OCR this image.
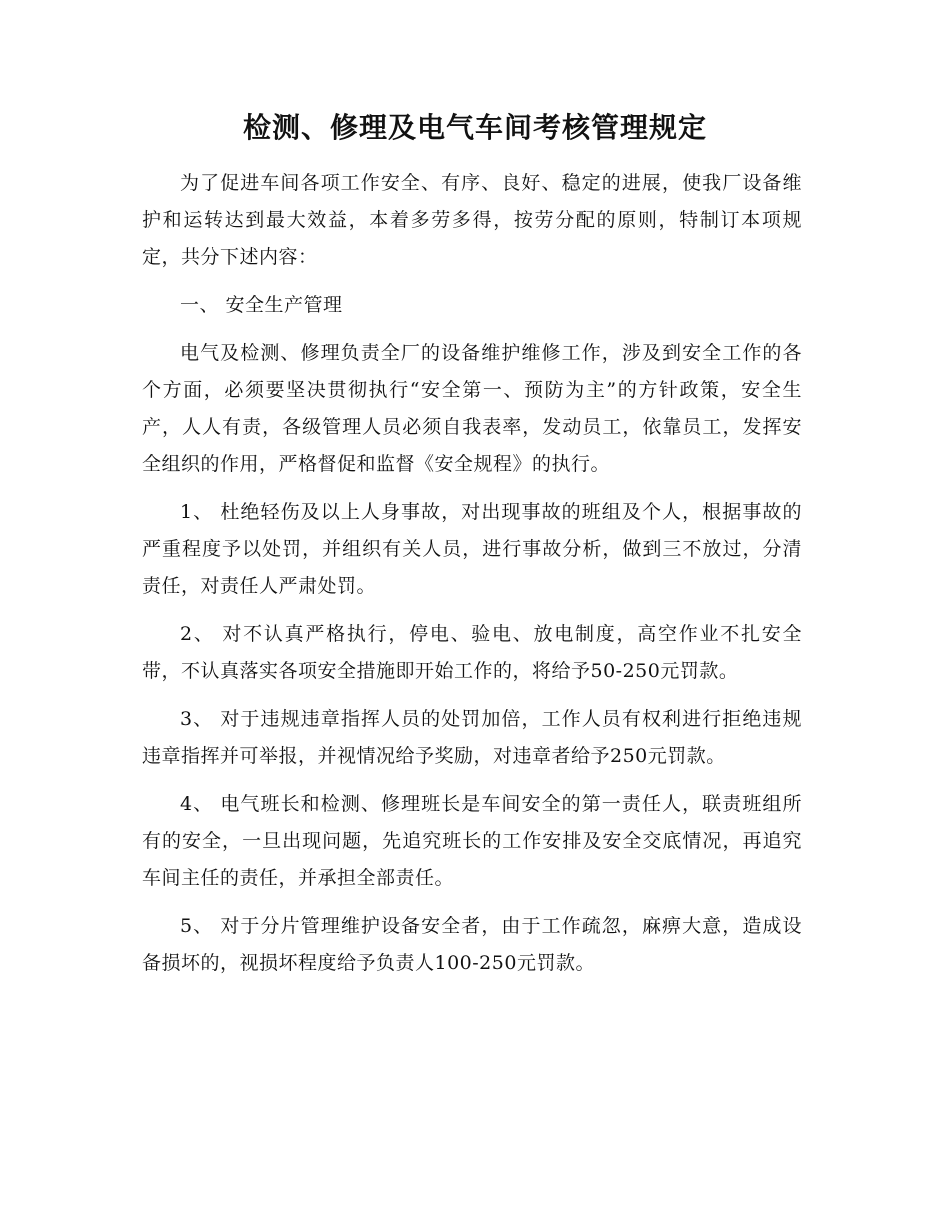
检测、修理及电气车间考核管理规定

为了促进车间各项工作安全、有序、良好、稳定的进展，使我厂设备维护和运转达到最大效益，本着多劳多得，按劳分配的原则，特制订本项规定，共分下述内容：

一、 安全生产管理

电气及检测、修理负责全厂的设备维护维修工作，涉及到安全工作的各个方面，必须要坚决贯彻执行“安全第一、预防为主”的方针政策，安全生产，人人有责，各级管理人员必须自我表率，发动员工，依靠员工，发挥安全组织的作用，严格督促和监督《安全规程》的执行。

1、 杜绝轻伤及以上人身事故，对出现事故的班组及个人，根据事故的严重程度予以处罚，并组织有关人员，进行事故分析，做到三不放过，分清责任，对责任人严肃处罚。

2、 对不认真严格执行，停电、验电、放电制度，高空作业不扎安全带，不认真落实各项安全措施即开始工作的，将给予50-250元罚款。

3、 对于违规违章指挥人员的处罚加倍，工作人员有权利进行拒绝违规违章指挥并可举报，并视情况给予奖励，对违章者给予250元罚款。

4、 电气班长和检测、修理班长是车间安全的第一责任人，联责班组所有的安全，一旦出现问题，先追究班长的工作安排及安全交底情况，再追究车间主任的责任，并承担全部责任。

5、 对于分片管理维护设备安全者，由于工作疏忽，麻痹大意，造成设备损坏的，视损坏程度给予负责人100-250元罚款。
